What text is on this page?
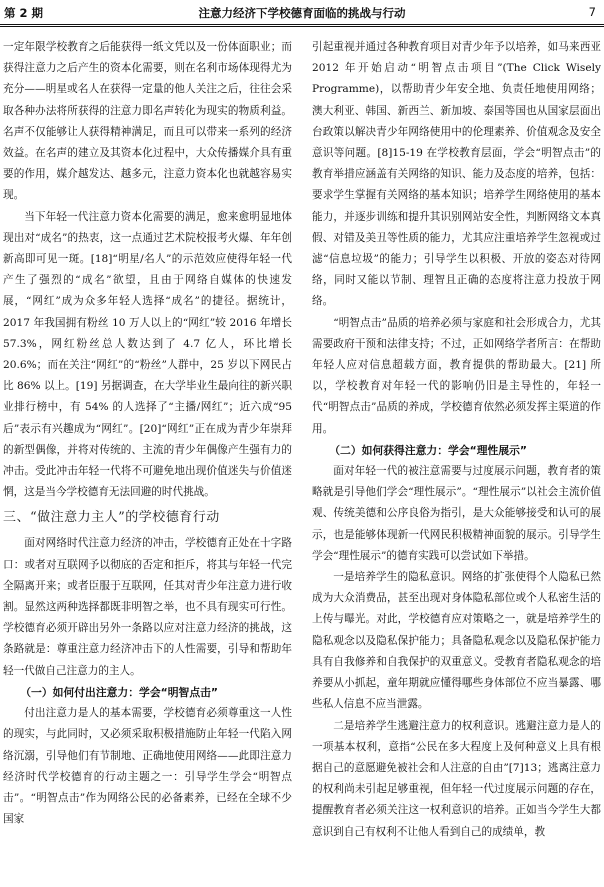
第 2 期	注意力经济下学校德育面临的挑战与行动	7

一定年限学校教育之后能获得一纸文凭以及一份体面职业；而获得注意力之后产生的资本化需要，则在名利市场体现得尤为充分——明星或名人在获得一定量的他人关注之后，往往会采取各种办法将所获得的注意力即名声转化为现实的物质利益。名声不仅能够让人获得精神满足，而且可以带来一系列的经济效益。在名声的建立及其资本化过程中，大众传播媒介具有重要的作用，媒介越发达、越多元，注意力资本化也就越容易实现。

当下年轻一代注意力资本化需要的满足，愈来愈明显地体现出对“成名”的热衷，这一点通过艺术院校报考火爆、年年创新高即可见一斑。[18]“明星/名人”的示范效应使得年轻一代产生了强烈的“成名”欲望，且由于网络自媒体的快速发展，“网红”成为众多年轻人选择“成名”的捷径。据统计，2017 年我国拥有粉丝 10 万人以上的“网红”较 2016 年增长 57.3%，网红粉丝总人数达到了 4.7 亿人，环比增长 20.6%；而在关注“网红”的“粉丝”人群中，25 岁以下网民占比 86% 以上。[19] 另据调查，在大学毕业生最向往的新兴职业排行榜中，有 54% 的人选择了“主播/网红”；近六成“95 后”表示有兴趣成为“网红”。[20]“网红”正在成为青少年崇拜的新型偶像，并将对传统的、主流的青少年偶像产生强有力的冲击。受此冲击年轻一代将不可避免地出现价值迷失与价值迷惘，这是当今学校德育无法回避的时代挑战。

三、“做注意力主人”的学校德育行动

面对网络时代注意力经济的冲击，学校德育正处在十字路口：或者对互联网予以彻底的否定和拒斥，将其与年轻一代完全隔离开来；或者臣服于互联网，任其对青少年注意力进行收割。显然这两种选择都既非明智之举，也不具有现实可行性。学校德育必须开辟出另外一条路以应对注意力经济的挑战，这条路就是：尊重注意力经济冲击下的人性需要，引导和帮助年轻一代做自己注意力的主人。

（一）如何付出注意力：学会“明智点击”

付出注意力是人的基本需要，学校德育必须尊重这一人性的现实，与此同时，又必须采取积极措施防止年轻一代陷入网络沉溺，引导他们有节制地、正确地使用网络——此即注意力经济时代学校德育的行动主题之一：引导学生学会“明智点击”。“明智点击”作为网络公民的必备素养，已经在全球不少国家

引起重视并通过各种教育项目对青少年予以培养，如马来西亚 2012 年开始启动“明智点击项目”(The Click Wisely Programme)，以帮助青少年安全地、负责任地使用网络；澳大利亚、韩国、新西兰、新加坡、泰国等国也从国家层面出台政策以解决青少年网络使用中的伦理素养、价值观念及安全意识等问题。[8]15-19 在学校教育层面，学会“明智点击”的教育举措应涵盖有关网络的知识、能力及态度的培养，包括：要求学生掌握有关网络的基本知识；培养学生网络使用的基本能力，并逐步训练和提升其识别网站安全性，判断网络文本真假、对错及美丑等性质的能力，尤其应注重培养学生忽视或过滤“信息垃圾”的能力；引导学生以积极、开放的姿态对待网络，同时又能以节制、理智且正确的态度将注意力投放于网络。

“明智点击”品质的培养必须与家庭和社会形成合力，尤其需要政府干预和法律支持；不过，正如网络学者所言：在帮助年轻人应对信息超载方面，教育提供的帮助最大。[21] 所以，学校教育对年轻一代的影响仍旧是主导性的，年轻一代“明智点击”品质的养成，学校德育依然必须发挥主渠道的作用。

（二）如何获得注意力：学会“理性展示”

面对年轻一代的被注意需要与过度展示问题，教育者的策略就是引导他们学会“理性展示”。“理性展示”以社会主流价值观、传统美德和公序良俗为指引，是大众能够接受和认可的展示，也是能够体现新一代网民积极精神面貌的展示。引导学生学会“理性展示”的德育实践可以尝试如下举措。

一是培养学生的隐私意识。网络的扩张使得个人隐私已然成为大众消费品，甚至出现对身体隐私部位或个人私密生活的上传与曝光。对此，学校德育应对策略之一，就是培养学生的隐私观念以及隐私保护能力；具备隐私观念以及隐私保护能力具有自我修养和自我保护的双重意义。受教育者隐私观念的培养要从小抓起，童年期就应懂得哪些身体部位不应当暴露、哪些私人信息不应当泄露。

二是培养学生逃避注意力的权利意识。逃避注意力是人的一项基本权利，意指“公民在多大程度上及何种意义上具有根据自己的意愿避免被社会和人注意的自由”[7]13；逃离注意力的权利尚未引起足够重视，但年轻一代过度展示问题的存在，提醒教育者必须关注这一权利意识的培养。正如当今学生大都意识到自己有权利不让他人看到自己的成绩单，教
